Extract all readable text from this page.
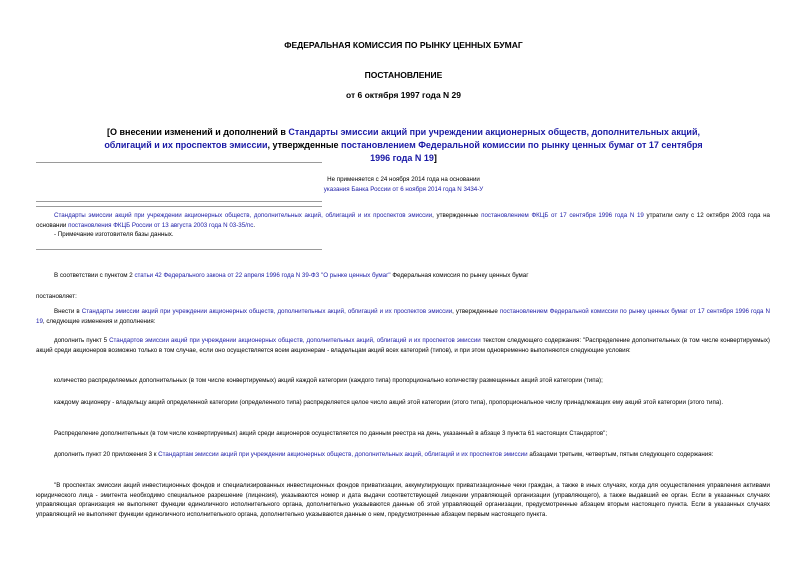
ФЕДЕРАЛЬНАЯ КОМИССИЯ ПО РЫНКУ ЦЕННЫХ БУМАГ
ПОСТАНОВЛЕНИЕ
от 6 октября 1997 года N 29
[О внесении изменений и дополнений в Стандарты эмиссии акций при учреждении акционерных обществ, дополнительных акций, облигаций и их проспектов эмиссии, утвержденные постановлением Федеральной комиссии по рынку ценных бумаг от 17 сентября 1996 года N 19]
Не применяется с 24 ноября 2014 года на основании
указания Банка России от 6 ноября 2014 года N 3434-У
Стандарты эмиссии акций при учреждении акционерных обществ, дополнительных акций, облигаций и их проспектов эмиссии, утвержденные постановлением ФКЦБ от 17 сентября 1996 года N 19 утратили силу с 12 октября 2003 года на основании постановления ФКЦБ России от 13 августа 2003 года N 03-35/пс.
- Примечание изготовителя базы данных.
В соответствии с пунктом 2 статьи 42 Федерального закона от 22 апреля 1996 года N 39-ФЗ "О рынке ценных бумаг" Федеральная комиссия по рынку ценных бумаг
постановляет:
Внести в Стандарты эмиссии акций при учреждении акционерных обществ, дополнительных акций, облигаций и их проспектов эмиссии, утвержденные постановлением Федеральной комиссии по рынку ценных бумаг от 17 сентября 1996 года N 19, следующие изменения и дополнения:
дополнить пункт 5 Стандартов эмиссии акций при учреждении акционерных обществ, дополнительных акций, облигаций и их проспектов эмиссии текстом следующего содержания: "Распределение дополнительных (в том числе конвертируемых) акций среди акционеров возможно только в том случае, если оно осуществляется всем акционерам - владельцам акций всех категорий (типов), и при этом одновременно выполняются следующие условия:
количество распределяемых дополнительных (в том числе конвертируемых) акций каждой категории (каждого типа) пропорционально количеству размещенных акций этой категории (типа);
каждому акционеру - владельцу акций определенной категории (определенного типа) распределяется целое число акций этой категории (этого типа), пропорциональное числу принадлежащих ему акций этой категории (этого типа).
Распределение дополнительных (в том числе конвертируемых) акций среди акционеров осуществляется по данным реестра на день, указанный в абзаце 3 пункта 61 настоящих Стандартов";
дополнить пункт 20 приложения 3 к Стандартам эмиссии акций при учреждении акционерных обществ, дополнительных акций, облигаций и их проспектов эмиссии абзацами третьим, четвертым, пятым следующего содержания:
"В проспектах эмиссии акций инвестиционных фондов и специализированных инвестиционных фондов приватизации, аккумулирующих приватизационные чеки граждан, а также в иных случаях, когда для осуществления управления активами юридического лица - эмитента необходимо специальное разрешение (лицензия), указываются номер и дата выдачи соответствующей лицензии управляющей организации (управляющего), а также выдавший ее орган. Если в указанных случаях управляющая организация не выполняет функции единоличного исполнительного органа, дополнительно указываются данные об этой управляющей организации, предусмотренные абзацем вторым настоящего пункта. Если в указанных случаях управляющий не выполняет функции единоличного исполнительного органа, дополнительно указываются данные о нем, предусмотренные абзацем первым настоящего пункта.
